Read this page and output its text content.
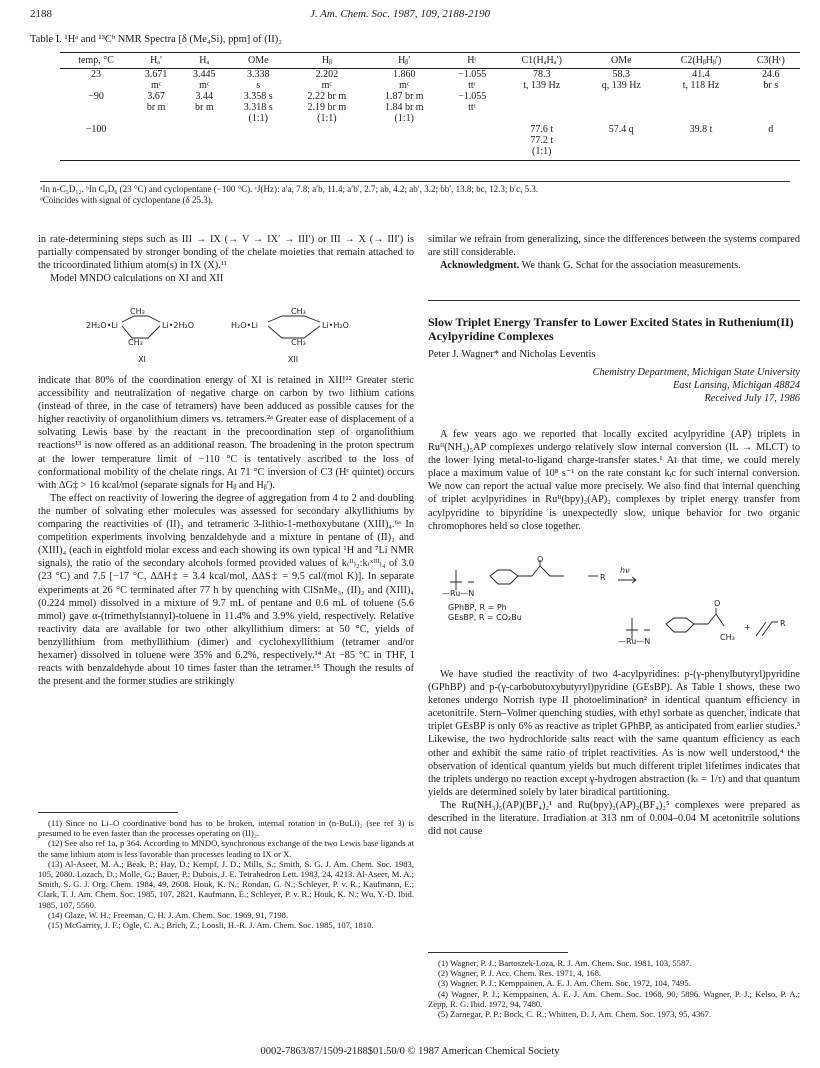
2188	J. Am. Chem. Soc. 1987, 109, 2188-2190
Table I. ¹Hᵃ and ¹³Cᵇ NMR Spectra [δ (Me₄Si), ppm] of (II)₂
temp, °C	Hₐ′	Hₐ	OMe	Hᵦ	Hᵦ′	Hᶜ	C1(HₐHₐ′)	OMe	C2(HᵦHᵦ′)	C3(Hᶜ)
23	3.671	3.445	3.338	2.202	1.860	−1.055	78.3	58.3	41.4	24.6
	mᶜ	mᶜ	s	mᶜ	mᶜ	ttᶜ	t, 139 Hz	q, 139 Hz	t, 118 Hz	br s
−90	3.67	3.44	3.358 s	2.22 br m	1.87 br m	−1.055				
	br m	br m	3.318 s	2.19 br m	1.84 br m	ttᶜ				
			(1:1)	(1:1)	(1:1)					
−100							77.6 t	57.4 q	39.8 t	d
							77.2 t			
							(1:1)			
ᵃIn n-C₅D₁₂. ᵇIn C₆D₆ (23 °C) and cyclopentane (−100 °C). ᶜJ(Hz): a′a, 7.8; a′b, 11.4; a′b′, 2.7; ab, 4.2; ab′, 3.2; bb′, 13.8; bc, 12.3; b′c, 5.3.
ᵈCoincides with signal of cyclopentane (δ 25.3).

in rate-determining steps such as III → IX (→ V → IX′ → III′) or III → X (→ III′) is partially compensated by stronger bonding of the chelate moieties that remain attached to the tricoordinated lithium atom(s) in IX (X).¹¹

Model MNDO calculations on XI and XII

2H₂O•Li
CH₃
CH₃
Li•2H₂O	H₂O•Li
CH₃
CH₃
Li•H₂O
XI	XII

indicate that 80% of the coordination energy of XI is retained in XII!¹² Greater steric accessibility and neutralization of negative charge on carbon by two lithium cations (instead of three, in the case of tetramers) have been adduced as possible causes for the higher reactivity of organolithium dimers vs. tetramers.²ᵃ Greater ease of displacement of a solvating Lewis base by the reactant in the precoordination step of organolithium reactions¹³ is now offered as an additional reason. The broadening in the proton spectrum at the lower temperature limit of −110 °C is tentatively ascribed to the loss of conformational mobility of the chelate rings. At 71 °C inversion of C3 (Hᶜ quintet) occurs with ΔG‡ > 16 kcal/mol (separate signals for Hᵦ and Hᵦ′).

The effect on reactivity of lowering the degree of aggregation from 4 to 2 and doubling the number of solvating ether molecules was assessed for secondary alkyllithiums by comparing the reactivities of (II)₂ and tetrameric 3-lithio-1-methoxybutane (XIII)₄.⁶ᵃ In competition experiments involving benzaldehyde and a mixture in pentane of (II)₂ and (XIII)₄ (each in eightfold molar excess and each showing its own typical ¹H and ⁷Li NMR signals), the ratio of the secondary alcohols formed provided values of k₍ᴵᴵ₎₂:k₍ˣᴵᴵᴵ₎₄ of 3.0 (23 °C) and 7.5 [−17 °C, ΔΔH‡ = 3.4 kcal/mol, ΔΔS‡ = 9.5 cal/(mol K)]. In separate experiments at 26 °C terminated after 77 h by quenching with ClSnMe₃, (II)₂ and (XIII)₄ (0.224 mmol) dissolved in a mixture of 9.7 mL of pentane and 0.6 mL of toluene (5.6 mmol) gave α-(trimethylstannyl)-toluene in 11.4% and 3.9% yield, respectively. Relative reactivity data are available for two other alkyllithium dimers: at 50 °C, yields of benzyllithium from methyllithium (dimer) and cyclohexyllithium (tetramer and/or hexamer) dissolved in toluene were 35% and 6.2%, respectively.¹⁴ At −85 °C in THF, I reacts with benzaldehyde about 10 times faster than the tetramer.¹⁵ Though the results of the present and the former studies are strikingly

(11) Since no Li–O coordinative bond has to be broken, internal rotation in (n-BuLi)₂ (see ref 3) is presumed to be even faster than the processes operating on (II)₂.

(12) See also ref 1a, p 364. According to MNDO, synchronous exchange of the two Lewis base ligands at the same lithium atom is less favorable than processes leading to IX or X.

(13) Al-Aseer, M. A.; Beak, P.; Hay, D.; Kempf, J. D.; Mills, S.; Smith, S. G. J. Am. Chem. Soc. 1983, 105, 2080. Lozach, D.; Molle, G.; Bauer, P.; Dubois, J. E. Tetrahedron Lett. 1983, 24, 4213. Al-Aseer, M. A.; Smith, S. G. J. Org. Chem. 1984, 49, 2608. Houk, K. N.; Rondan, G. N.; Schleyer, P. v. R.; Kaufmann, E.; Clark, T. J. Am. Chem. Soc. 1985, 107, 2821. Kaufmann, E.; Schleyer, P. v. R.; Houk, K. N.; Wu, Y.-D. Ibid. 1985, 107, 5560.

(14) Glaze, W. H.; Freeman, C. H. J. Am. Chem. Soc. 1969, 91, 7198.

(15) McGarrity, J. F.; Ogle, C. A.; Brich, Z.; Loosli, H.-R. J. Am. Chem. Soc. 1985, 107, 1810.

similar we refrain from generalizing, since the differences between the systems compared are still considerable.

Acknowledgment. We thank G. Schat for the association measurements.

Slow Triplet Energy Transfer to Lower Excited States in Ruthenium(II) Acylpyridine Complexes
Peter J. Wagner* and Nicholas Leventis
Chemistry Department, Michigan State University
East Lansing, Michigan 48824
Received July 17, 1986

A few years ago we reported that locally excited acylpyridine (AP) triplets in Ruᴵᴵ(NH₃)₅AP complexes undergo relatively slow internal conversion (IL → MLCT) to the lower lying metal-to-ligand charge-transfer states.¹ At that time, we could merely place a maximum value of 10⁸ s⁻¹ on the rate constant kᵢc for such internal conversion. We now can report the actual value more precisely. We also find that internal quenching of triplet acylpyridines in Ruᴵᴵ(bpy)₂(AP)₂ complexes by triplet energy transfer from acylpyridine to bipyridine is unexpectedly slow, unique behavior for two organic chromophores held so close together.

—Ru—N
O
R
hν
—Ru—N
O
CH₃
+	R
GPhBP, R = Ph GEsBP, R = CO₂Bu

We have studied the reactivity of two 4-acylpyridines: p-(γ-phenylbutyryl)pyridine (GPhBP) and p-(γ-carbobutoxybutyryl)pyridine (GEsBP). As Table I shows, these two ketones undergo Norrish type II photoelimination² in identical quantum efficiency in acetonitrile. Stern–Volmer quenching studies, with ethyl sorbate as quencher, indicate that triplet GEsBP is only 6% as reactive as triplet GPhBP, as anticipated from earlier studies.³ Likewise, the two hydrochloride salts react with the same quantum efficiency as each other and exhibit the same ratio of triplet reactivities. As is now well understood,⁴ the observation of identical quantum yields but much different triplet lifetimes indicates that the triplets undergo no reaction except γ-hydrogen abstraction (kₜ = 1/τ) and that quantum yields are determined solely by later biradical partitioning.

The Ru(NH₃)₅(AP)(BF₄)₂¹ and Ru(bpy)₂(AP)₂(BF₄)₂⁵ complexes were prepared as described in the literature. Irradiation at 313 nm of 0.004–0.04 M acetonitrile solutions did not cause

(1) Wagner, P. J.; Bartoszek-Loza, R. J. Am. Chem. Soc. 1981, 103, 5587.

(2) Wagner, P. J. Acc. Chem. Res. 1971, 4, 168.

(3) Wagner, P. J.; Kemppainen, A. E. J. Am. Chem. Soc. 1972, 104, 7495.

(4) Wagner, P. J.; Kemppainen, A. E. J. Am. Chem. Soc. 1968, 90, 5896. Wagner, P. J.; Kelso, P. A.; Zepp, R. G. Ibid. 1972, 94, 7480.

(5) Zarnegar, P. P.; Bock, C. R.; Whitten, D. J. Am. Chem. Soc. 1973, 95, 4367.

0002-7863/87/1509-2188$01.50/0 © 1987 American Chemical Society
